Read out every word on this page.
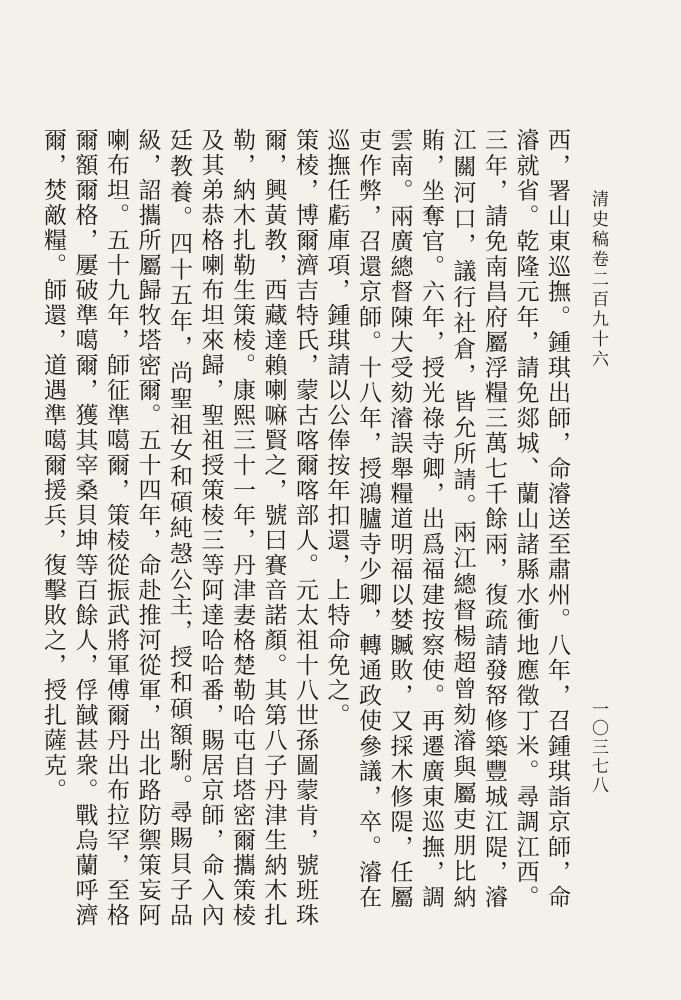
清史稿卷二百九十六

西，署山東巡撫。鍾琪出師，命濬送至肅州。八年，召鍾琪詣京師，命濬就省。乾隆元年，請免郯城、蘭山諸縣水衝地應徵丁米。尋調江西。三年，請免南昌府屬浮糧三萬七千餘兩，復疏請發帑修築豐城江隄，濬江關河口，議行社倉，皆允所請。兩江總督楊超曾劾濬與屬吏朋比納賄，坐奪官。六年，授光祿寺卿，出爲福建按察使。再遷廣東巡撫，調雲南。兩廣總督陳大受劾濬誤舉糧道明福以婪贓敗，又採木修隄，任屬吏作弊，召還京師。十八年，授鴻臚寺少卿，轉通政使參議，卒。濬在巡撫任虧庫項，鍾琪請以公俸按年扣還，上特命免之。

策棱，博爾濟吉特氏，蒙古喀爾喀部人。元太祖十八世孫圖蒙肯，號班珠爾，興黃教，西藏達賴喇嘛賢之，號曰賽音諾顏。其第八子丹津生納木扎勒，納木扎勒生策棱。康熙三十一年，丹津妻格楚勒哈屯自塔密爾攜策棱及其弟恭格喇布坦來歸，聖祖授策棱三等阿達哈哈番，賜居京師，命入內廷教養。四十五年，尚聖祖女和碩純愨公主，授和碩額駙。尋賜貝子品級，詔攜所屬歸牧塔密爾。五十四年，命赴推河從軍，出北路防禦策妄阿喇布坦。五十九年，師征準噶爾，策棱從振武將軍傅爾丹出布拉罕，至格爾額爾格，屢破準噶爾，獲其宰桑貝坤等百餘人，俘馘甚衆。戰烏蘭呼濟爾，焚敵糧。師還，道遇準噶爾援兵，復擊敗之，授扎薩克。	一〇三七八
